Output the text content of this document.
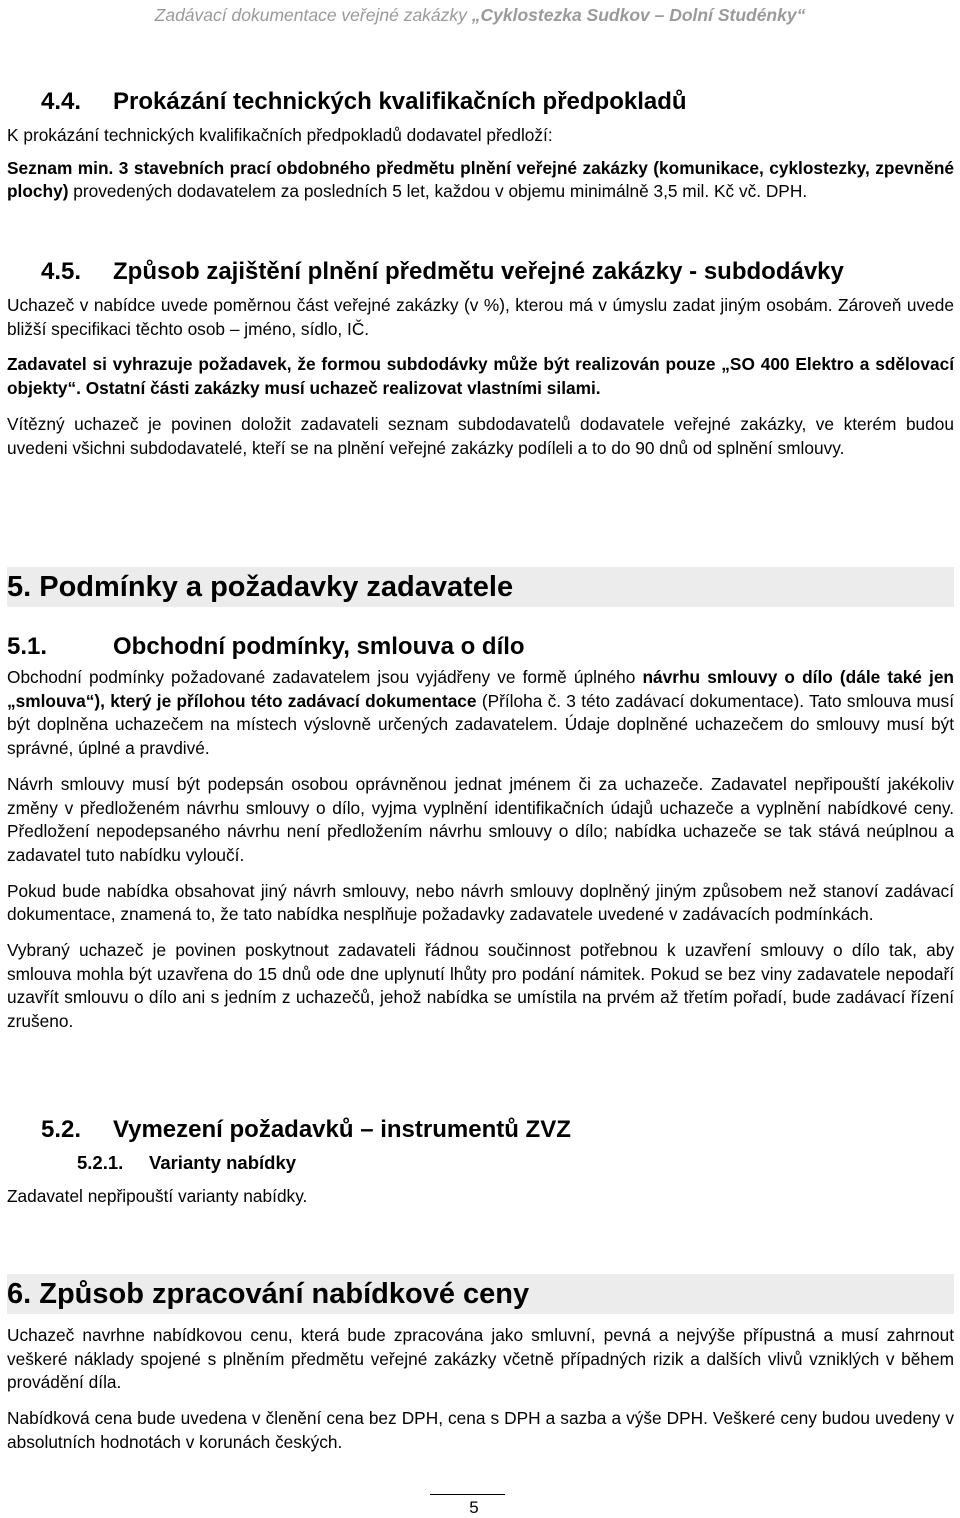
Zadávací dokumentace veřejné zakázky „Cyklostezka Sudkov – Dolní Studénky“
4.4. Prokázání technických kvalifikačních předpokladů

K prokázání technických kvalifikačních předpokladů dodavatel předloží:

Seznam min. 3 stavebních prací obdobného předmětu plnění veřejné zakázky (komunikace, cyklostezky, zpevněné plochy) provedených dodavatelem za posledních 5 let, každou v objemu minimálně 3,5 mil. Kč vč. DPH.

4.5. Způsob zajištění plnění předmětu veřejné zakázky - subdodávky

Uchazeč v nabídce uvede poměrnou část veřejné zakázky (v %), kterou má v úmyslu zadat jiným osobám. Zároveň uvede bližší specifikaci těchto osob – jméno, sídlo, IČ.

Zadavatel si vyhrazuje požadavek, že formou subdodávky může být realizován pouze „SO 400 Elektro a sdělovací objekty“. Ostatní části zakázky musí uchazeč realizovat vlastními silami.

Vítězný uchazeč je povinen doložit zadavateli seznam subdodavatelů dodavatele veřejné zakázky, ve kterém budou uvedeni všichni subdodavatelé, kteří se na plnění veřejné zakázky podíleli a to do 90 dnů od splnění smlouvy.

5. Podmínky a požadavky zadavatele
5.1.	Obchodní podmínky, smlouva o dílo

Obchodní podmínky požadované zadavatelem jsou vyjádřeny ve formě úplného návrhu smlouvy o dílo (dále také jen „smlouva“), který je přílohou této zadávací dokumentace (Příloha č. 3 této zadávací dokumentace). Tato smlouva musí být doplněna uchazečem na místech výslovně určených zadavatelem. Údaje doplněné uchazečem do smlouvy musí být správné, úplné a pravdivé.

Návrh smlouvy musí být podepsán osobou oprávněnou jednat jménem či za uchazeče. Zadavatel nepřipouští jakékoliv změny v předloženém návrhu smlouvy o dílo, vyjma vyplnění identifikačních údajů uchazeče a vyplnění nabídkové ceny. Předložení nepodepsaného návrhu není předložením návrhu smlouvy o dílo; nabídka uchazeče se tak stává neúplnou a zadavatel tuto nabídku vyloučí.

Pokud bude nabídka obsahovat jiný návrh smlouvy, nebo návrh smlouvy doplněný jiným způsobem než stanoví zadávací dokumentace, znamená to, že tato nabídka nesplňuje požadavky zadavatele uvedené v zadávacích podmínkách.

Vybraný uchazeč je povinen poskytnout zadavateli řádnou součinnost potřebnou k uzavření smlouvy o dílo tak, aby smlouva mohla být uzavřena do 15 dnů ode dne uplynutí lhůty pro podání námitek. Pokud se bez viny zadavatele nepodaří uzavřít smlouvu o dílo ani s jedním z uchazečů, jehož nabídka se umístila na prvém až třetím pořadí, bude zadávací řízení zrušeno.

5.2. Vymezení požadavků – instrumentů ZVZ
5.2.1. Varianty nabídky

Zadavatel nepřipouští varianty nabídky.

6. Způsob zpracování nabídkové ceny

Uchazeč navrhne nabídkovou cenu, která bude zpracována jako smluvní, pevná a nejvýše přípustná a musí zahrnout veškeré náklady spojené s plněním předmětu veřejné zakázky včetně případných rizik a dalších vlivů vzniklých v během provádění díla.

Nabídková cena bude uvedena v členění cena bez DPH, cena s DPH a sazba a výše DPH. Veškeré ceny budou uvedeny v absolutních hodnotách v korunách českých.

5
